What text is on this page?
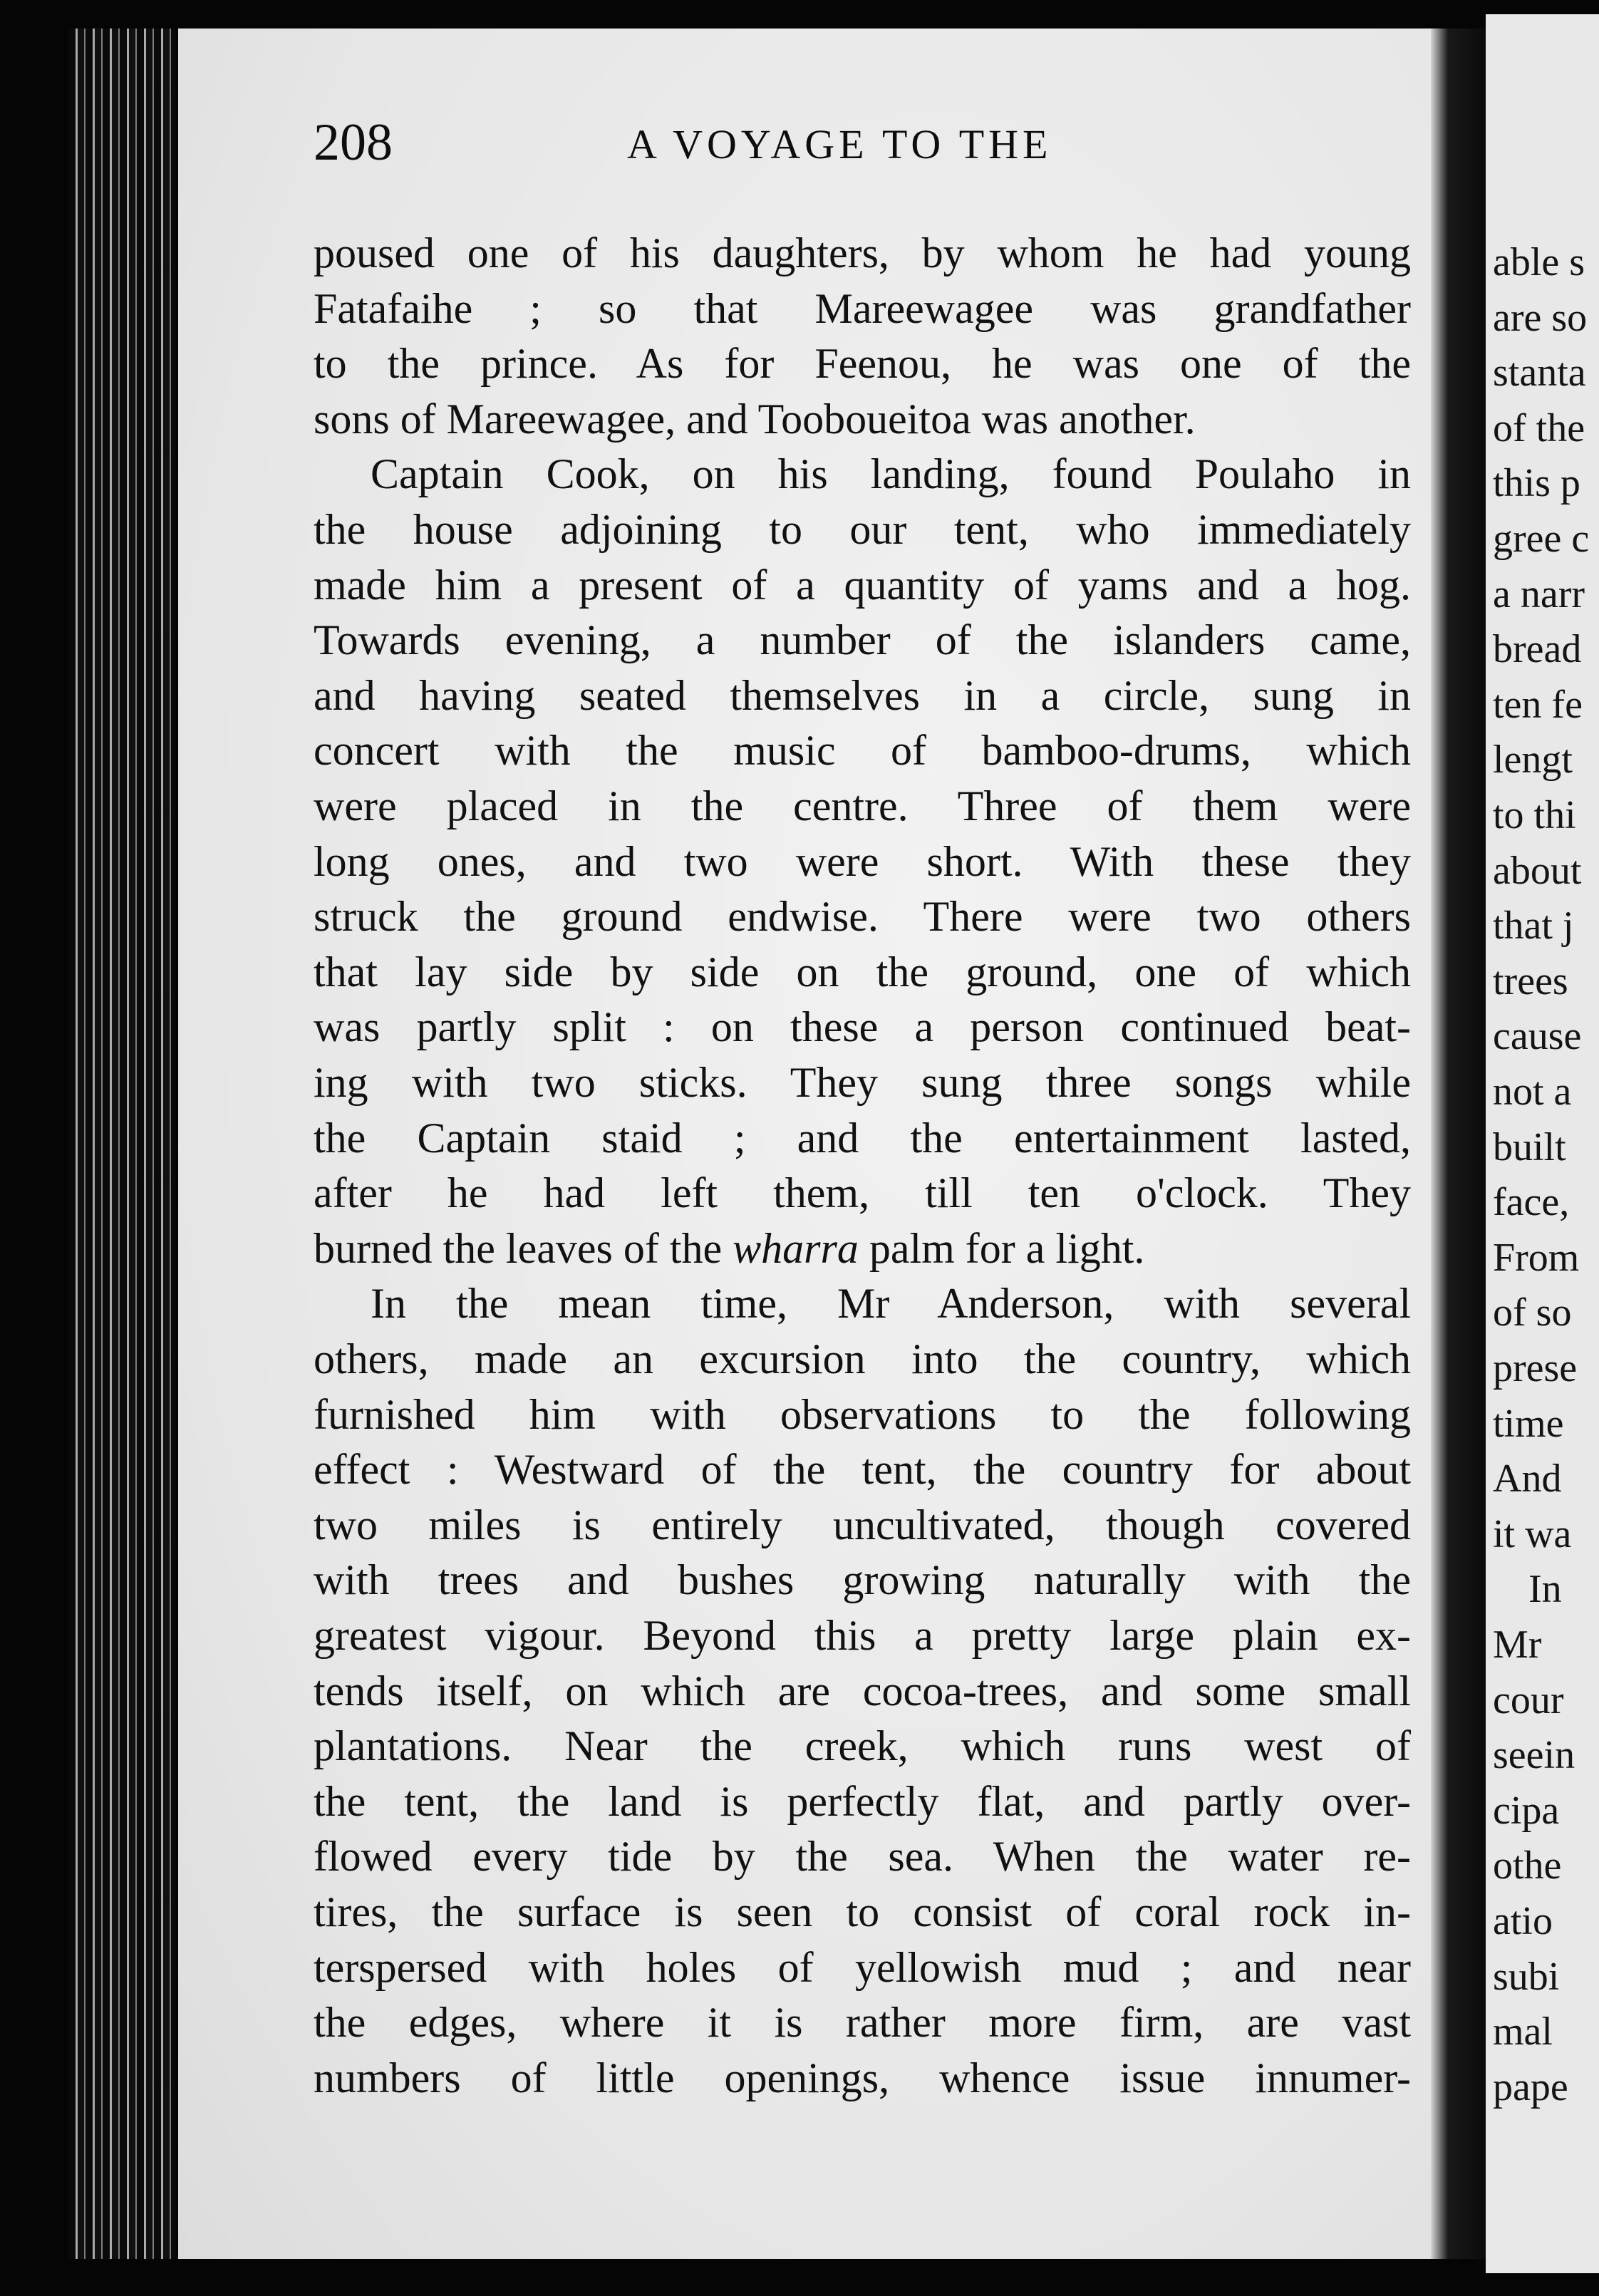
able s
are so
stanta
of the
this p
gree c
a narr
bread
ten fe
lengt
to thi
about
that j
trees
cause
not a
built
face,
From
of so
prese
time
And
it wa
In
Mr
cour
seein
cipa
othe
atio
subi
mal
pape
208	A VOYAGE TO THE
poused one of his daughters, by whom he had young
Fatafaihe ; so that Mareewagee was grandfather
to the prince. As for Feenou, he was one of the
sons of Mareewagee, and Tooboueitoa was another.
Captain Cook, on his landing, found Poulaho in
the house adjoining to our tent, who immediately
made him a present of a quantity of yams and a hog.
Towards evening, a number of the islanders came,
and having seated themselves in a circle, sung in
concert with the music of bamboo-drums, which
were placed in the centre. Three of them were
long ones, and two were short. With these they
struck the ground endwise. There were two others
that lay side by side on the ground, one of which
was partly split : on these a person continued beat-
ing with two sticks. They sung three songs while
the Captain staid ; and the entertainment lasted,
after he had left them, till ten o'clock. They
burned the leaves of the wharra palm for a light.
In the mean time, Mr Anderson, with several
others, made an excursion into the country, which
furnished him with observations to the following
effect : Westward of the tent, the country for about
two miles is entirely uncultivated, though covered
with trees and bushes growing naturally with the
greatest vigour. Beyond this a pretty large plain ex-
tends itself, on which are cocoa-trees, and some small
plantations. Near the creek, which runs west of
the tent, the land is perfectly flat, and partly over-
flowed every tide by the sea. When the water re-
tires, the surface is seen to consist of coral rock in-
terspersed with holes of yellowish mud ; and near
the edges, where it is rather more firm, are vast
numbers of little openings, whence issue innumer-
